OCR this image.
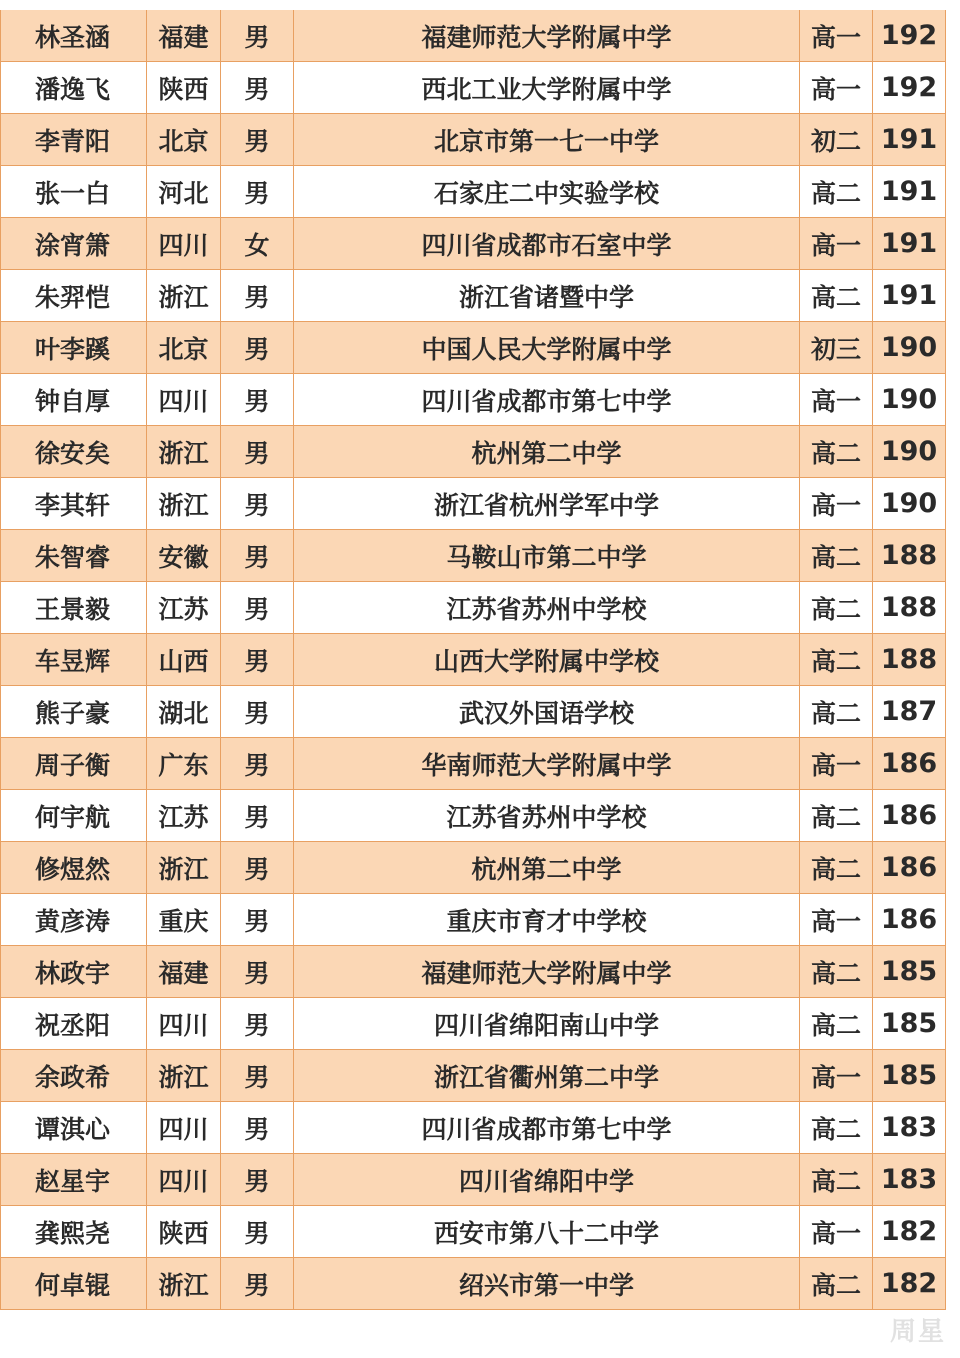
林圣涵	福建	男	福建师范大学附属中学	高一	192
潘逸飞	陕西	男	西北工业大学附属中学	高一	192
李青阳	北京	男	北京市第一七一中学	初二	191
张一白	河北	男	石家庄二中实验学校	高二	191
涂宵箫	四川	女	四川省成都市石室中学	高一	191
朱羿恺	浙江	男	浙江省诸暨中学	高二	191
叶李蹊	北京	男	中国人民大学附属中学	初三	190
钟自厚	四川	男	四川省成都市第七中学	高一	190
徐安矣	浙江	男	杭州第二中学	高二	190
李其轩	浙江	男	浙江省杭州学军中学	高一	190
朱智睿	安徽	男	马鞍山市第二中学	高二	188
王景毅	江苏	男	江苏省苏州中学校	高二	188
车昱辉	山西	男	山西大学附属中学校	高二	188
熊子豪	湖北	男	武汉外国语学校	高二	187
周子衡	广东	男	华南师范大学附属中学	高一	186
何宇航	江苏	男	江苏省苏州中学校	高二	186
修煜然	浙江	男	杭州第二中学	高二	186
黄彦涛	重庆	男	重庆市育才中学校	高一	186
林政宇	福建	男	福建师范大学附属中学	高二	185
祝丞阳	四川	男	四川省绵阳南山中学	高二	185
余政希	浙江	男	浙江省衢州第二中学	高一	185
谭淇心	四川	男	四川省成都市第七中学	高二	183
赵星宇	四川	男	四川省绵阳中学	高二	183
龚熙尧	陕西	男	西安市第八十二中学	高一	182
何卓锟	浙江	男	绍兴市第一中学	高二	182
周星
